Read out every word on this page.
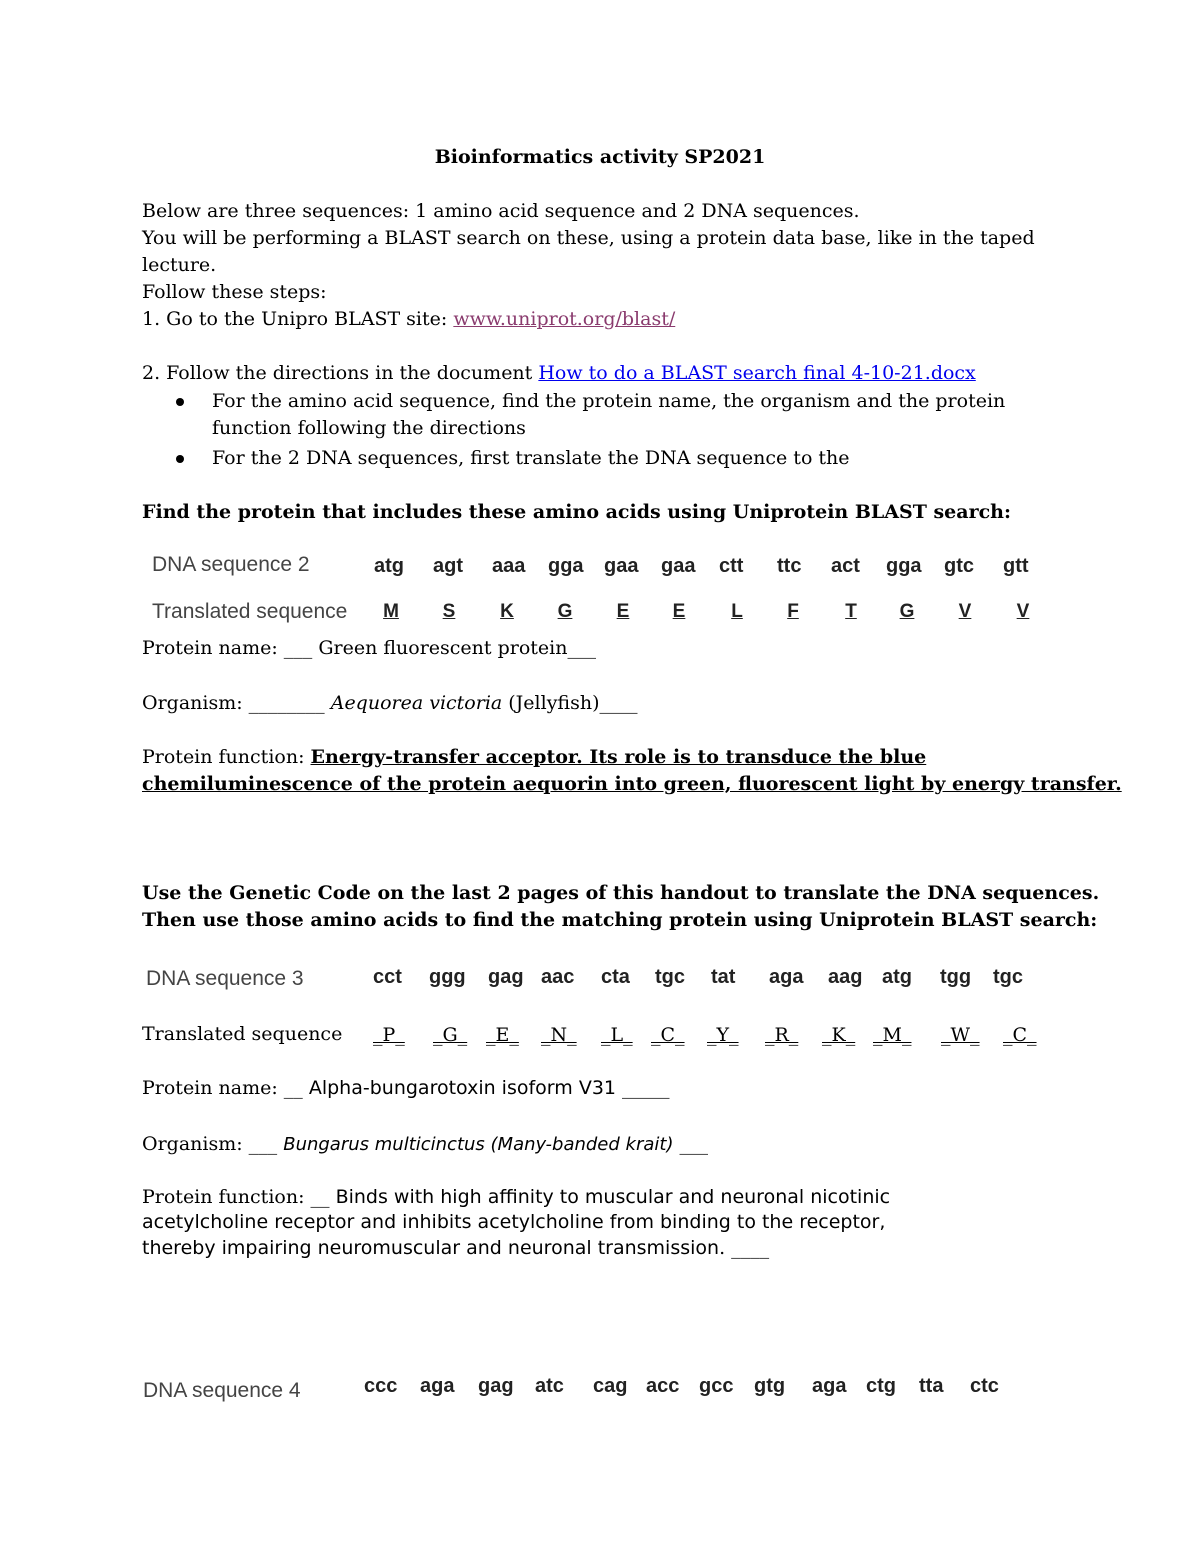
Bioinformatics activity SP2021
Below are three sequences: 1 amino acid sequence and 2 DNA sequences.
You will be performing a BLAST search on these, using a protein data base, like in the taped
lecture.
Follow these steps:
1. Go to the Unipro BLAST site: www.uniprot.org/blast/
2. Follow the directions in the document How to do a BLAST search final 4-10-21.docx
For the amino acid sequence, find the protein name, the organism and the protein
function following the directions
For the 2 DNA sequences, first translate the DNA sequence to the
Find the protein that includes these amino acids using Uniprotein BLAST search:
DNA sequence 2	atg agt aaa gga gaa gaa ctt ttc act gga gtc gtt
Translated sequence	M	S	K	G	E	E	L	F	T	G	V	V
Protein name: ___ Green fluorescent protein___
Organism: ________ Aequorea victoria (Jellyfish)____
Protein function: Energy-transfer acceptor. Its role is to transduce the blue
chemiluminescence of the protein aequorin into green, fluorescent light by energy transfer.
Use the Genetic Code on the last 2 pages of this handout to translate the DNA sequences.
Then use those amino acids to find the matching protein using Uniprotein BLAST search:
DNA sequence 3	cct ggg gag aac cta tgc tat aga aag atg tgg tgc
Translated sequence _P_ _G_ _E_ _N_ _L_ _C_ _Y_ _R_ _K_ _M_ _W_ _C_
Protein name: __ Alpha-bungarotoxin isoform V31 _____
Organism: ___ Bungarus multicinctus (Many-banded krait) ___
Protein function: __ Binds with high affinity to muscular and neuronal nicotinic
acetylcholine receptor and inhibits acetylcholine from binding to the receptor,
thereby impairing neuromuscular and neuronal transmission. ____
DNA sequence 4	ccc aga gag atc cag acc gcc gtg aga ctg tta ctc
